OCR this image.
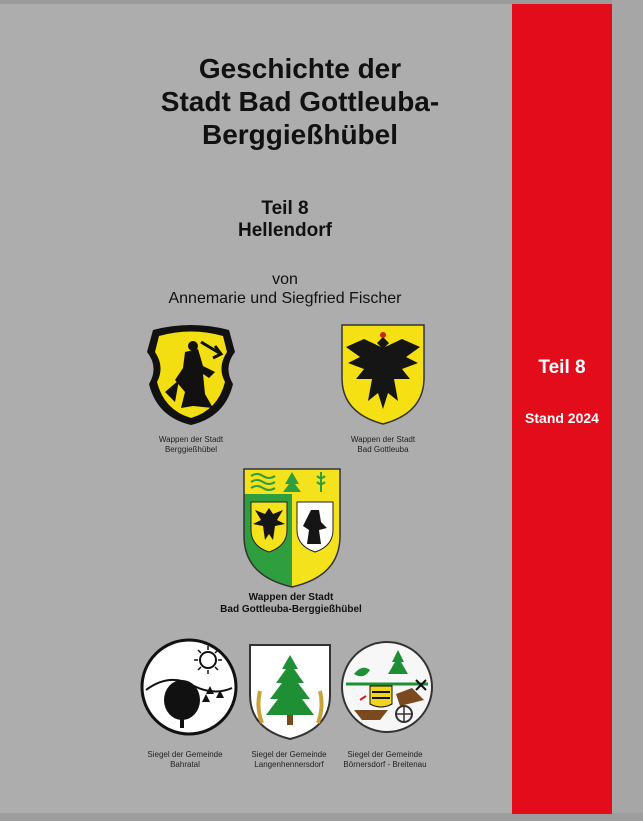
Teil 8
Stand 2024
Geschichte der
Stadt Bad Gottleuba-
Berggießhübel
Teil 8
Hellendorf
von
Annemarie und Siegfried Fischer
Wappen der Stadt
Berggießhübel
Wappen der Stadt
Bad Gottleuba
Wappen der Stadt
Bad Gottleuba-Berggießhübel
Siegel der Gemeinde
Bahratal
Siegel der Gemeinde
Langenhennersdorf
Siegel der Gemeinde
Börnersdorf - Breitenau
